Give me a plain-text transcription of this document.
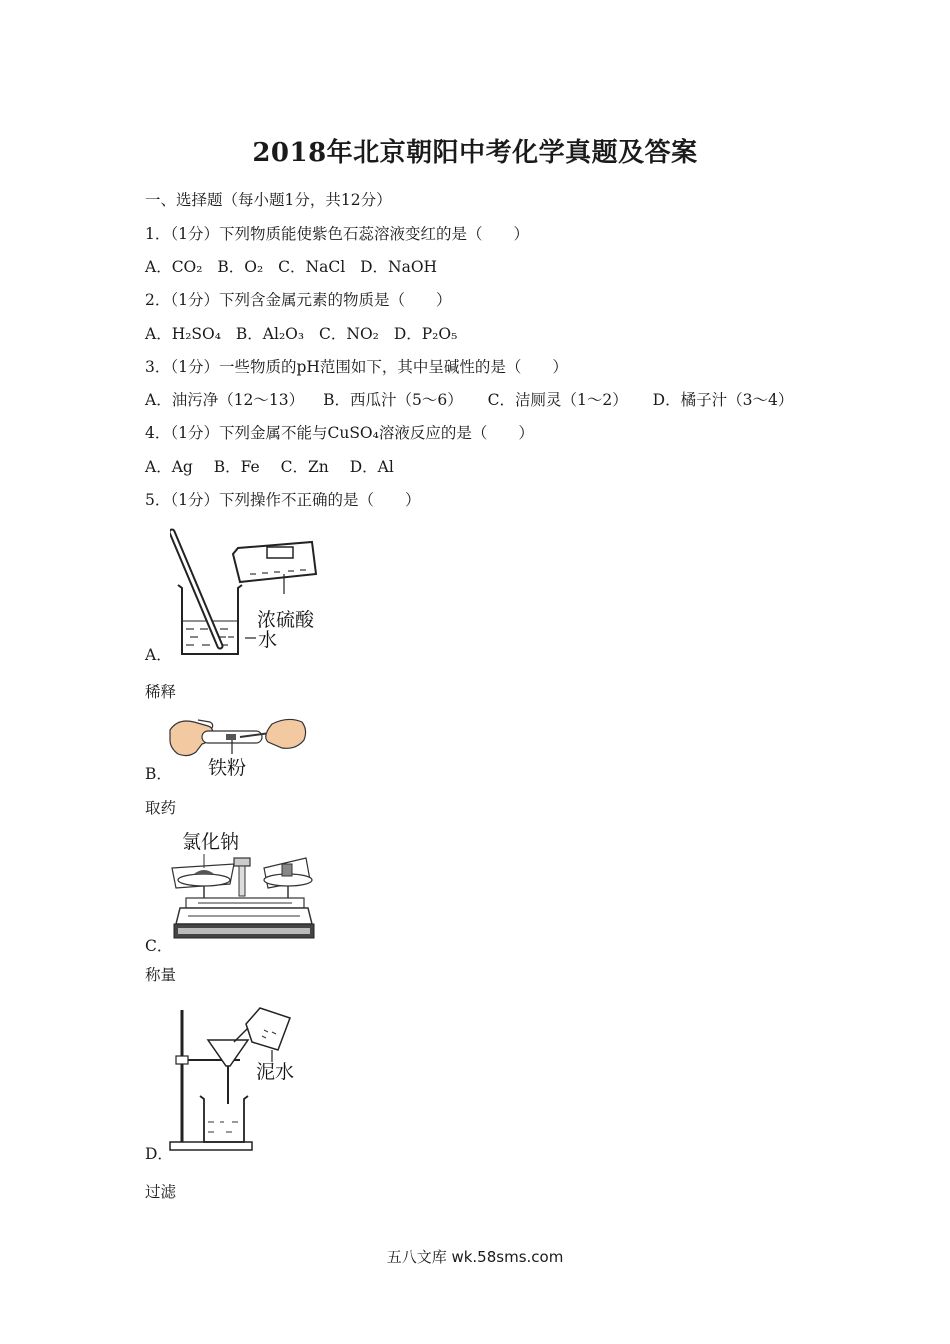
2018年北京朝阳中考化学真题及答案
一、选择题（每小题1分，共12分）
1．（1分）下列物质能使紫色石蕊溶液变红的是（　　）
A．CO₂ B．O₂ C．NaCl D．NaOH
2．（1分）下列含金属元素的物质是（　　）
A．H₂SO₄ B．Al₂O₃ C．NO₂ D．P₂O₅
3．（1分）一些物质的pH范围如下，其中呈碱性的是（　　）
A．油污净（12～13） B．西瓜汁（5～6） C．洁厕灵（1～2） D．橘子汁（3～4）
4．（1分）下列金属不能与CuSO₄溶液反应的是（　　）
A．Ag B．Fe C．Zn D．Al
5．（1分）下列操作不正确的是（　　）
浓硫酸
水
A．
稀释
铁粉
B．
取药
氯化钠
C．
称量
泥水
D．
过滤
五八文库 wk.58sms.com
